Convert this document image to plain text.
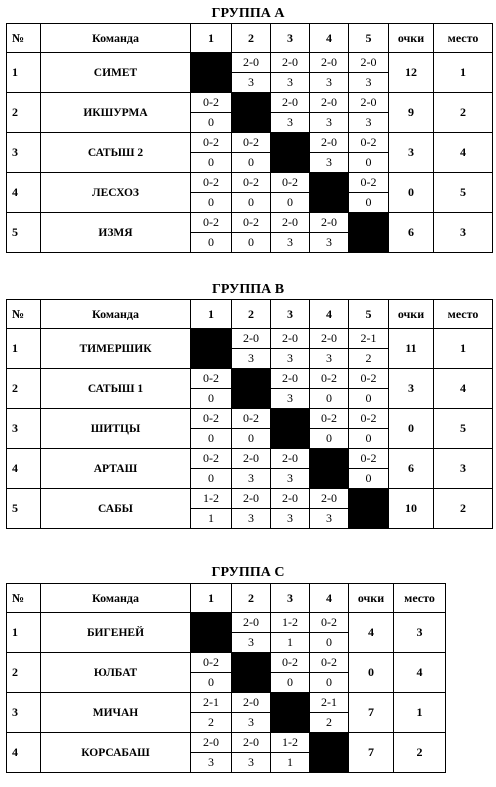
ГРУППА А
№	Команда	1	2	3	4	5	очки	место
1	СИМЕТ		2-0	2-0	2-0	2-0	12	1
			3	3	3	3		
2	ИКШУРМА	0-2		2-0	2-0	2-0	9	2
		0		3	3	3		
3	САТЫШ 2	0-2	0-2		2-0	0-2	3	4
		0	0		3	0		
4	ЛЕСХОЗ	0-2	0-2	0-2		0-2	0	5
		0	0	0		0		
5	ИЗМЯ	0-2	0-2	2-0	2-0		6	3
		0	0	3	3			
ГРУППА В
№	Команда	1	2	3	4	5	очки	место
1	ТИМЕРШИК		2-0	2-0	2-0	2-1	11	1
			3	3	3	2		
2	САТЫШ 1	0-2		2-0	0-2	0-2	3	4
		0		3	0	0		
3	ШИТЦЫ	0-2	0-2		0-2	0-2	0	5
		0	0		0	0		
4	АРТАШ	0-2	2-0	2-0		0-2	6	3
		0	3	3		0		
5	САБЫ	1-2	2-0	2-0	2-0		10	2
		1	3	3	3			
ГРУППА С
№	Команда	1	2	3	4	очки	место
1	БИГЕНЕЙ		2-0	1-2	0-2	4	3
			3	1	0		
2	ЮЛБАТ	0-2		0-2	0-2	0	4
		0		0	0		
3	МИЧАН	2-1	2-0		2-1	7	1
		2	3		2		
4	КОРСАБАШ	2-0	2-0	1-2		7	2
		3	3	1			
